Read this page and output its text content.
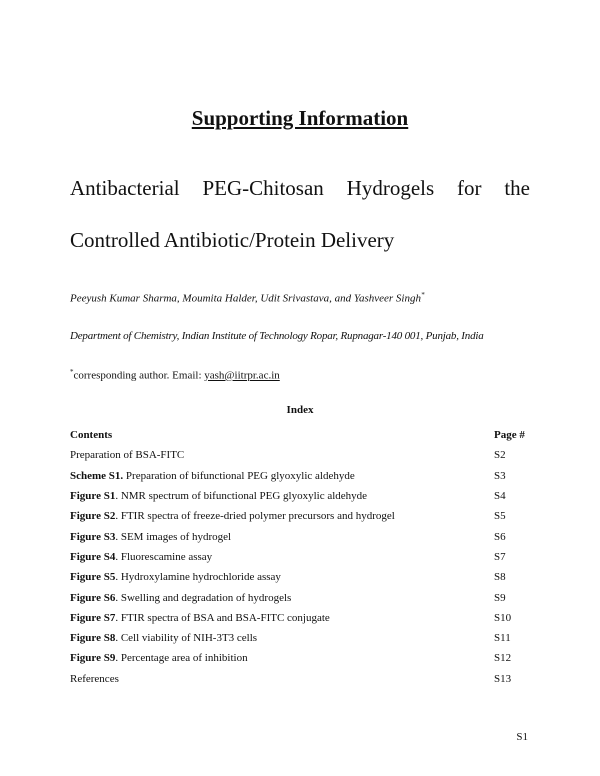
Supporting Information
Antibacterial PEG-Chitosan Hydrogels for the
Controlled Antibiotic/Protein Delivery
Peeyush Kumar Sharma, Moumita Halder, Udit Srivastava, and Yashveer Singh*
Department of Chemistry, Indian Institute of Technology Ropar, Rupnagar-140 001, Punjab, India
*corresponding author. Email: yash@iitrpr.ac.in
Index
Contents	Page #
Preparation of BSA-FITC	S2
Scheme S1. Preparation of bifunctional PEG glyoxylic aldehyde	S3
Figure S1. NMR spectrum of bifunctional PEG glyoxylic aldehyde	S4
Figure S2. FTIR spectra of freeze-dried polymer precursors and hydrogel	S5
Figure S3. SEM images of hydrogel	S6
Figure S4. Fluorescamine assay	S7
Figure S5. Hydroxylamine hydrochloride assay	S8
Figure S6. Swelling and degradation of hydrogels	S9
Figure S7. FTIR spectra of BSA and BSA-FITC conjugate	S10
Figure S8. Cell viability of NIH-3T3 cells	S11
Figure S9. Percentage area of inhibition	S12
References	S13
S1
